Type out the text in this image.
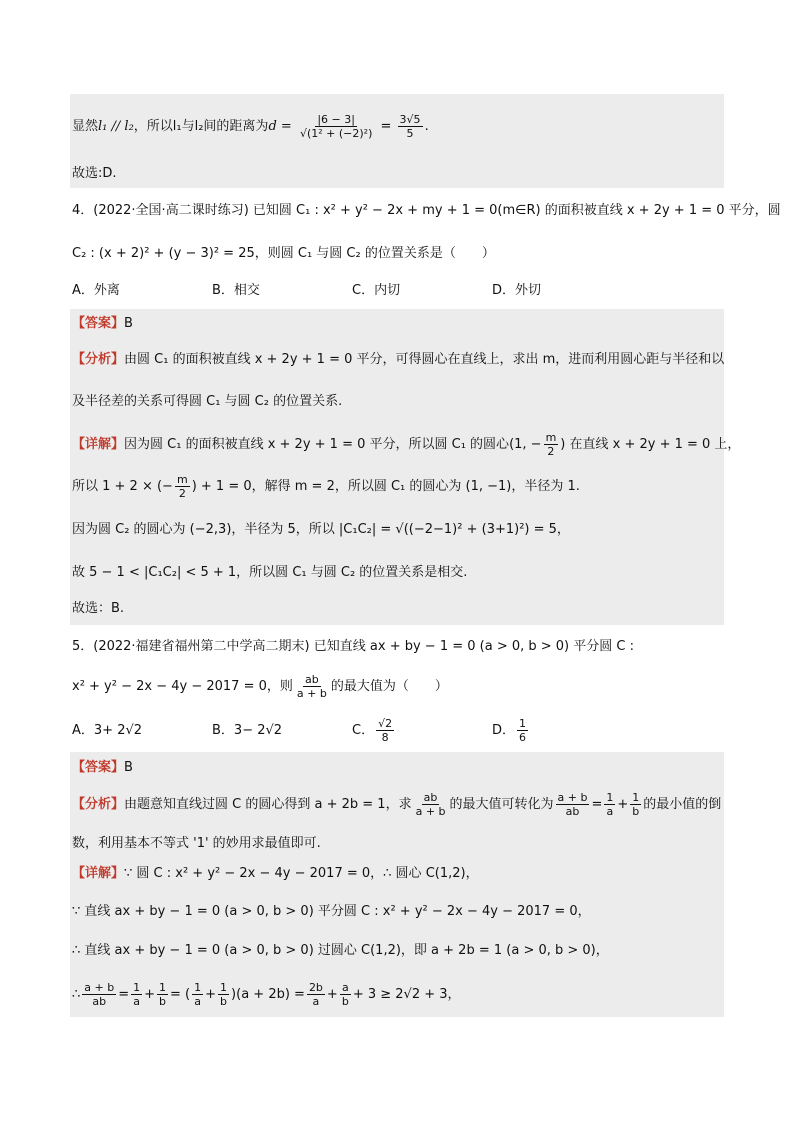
显然l₁ // l₂，所以l₁与l₂间的距离为$d = \frac{|6 - 3|}{\text{√(1² + (−2)²)}} = \frac{3√5}{5}$ .
故选:D.
4．(2022·全国·高二课时练习) 已知圆 C₁ : x² + y² − 2x + my + 1 = 0(m∈R) 的面积被直线 x + 2y + 1 = 0 平分，圆
C₂ : (x + 2)² + (y − 3)² = 25，则圆 C₁ 与圆 C₂ 的位置关系是（　　）
A．外离	B．相交	C．内切	D．外切
【答案】B
【分析】由圆 C₁ 的面积被直线 x + 2y + 1 = 0 平分，可得圆心在直线上，求出 m，进而利用圆心距与半径和以
及半径差的关系可得圆 C₁ 与圆 C₂ 的位置关系.
【详解】因为圆 C₁ 的面积被直线 x + 2y + 1 = 0 平分，所以圆 C₁ 的圆心(1, − $\frac{m}{2}$ ) 在直线 x + 2y + 1 = 0 上，
所以 1 + 2 × (− $\frac{m}{2}$ ) + 1 = 0，解得 m = 2，所以圆 C₁ 的圆心为 (1, −1)，半径为 1.
因为圆 C₂ 的圆心为 (−2,3)，半径为 5，所以 |C₁C₂| = √((−2−1)² + (3+1)²) = 5，
故 5 − 1 < |C₁C₂| < 5 + 1，所以圆 C₁ 与圆 C₂ 的位置关系是相交.
故选：B.
5．(2022·福建省福州第二中学高二期末) 已知直线 ax + by − 1 = 0 (a > 0, b > 0) 平分圆 C :
x² + y² − 2x − 4y − 2017 = 0，则 $\frac{ab}{a + b}$ 的最大值为（　　）
A．3+ 2√2	B．3− 2√2	C． $\frac{√2}{8}$	D． $\frac{1}{6}$
【答案】B
【分析】由题意知直线过圆 C 的圆心得到 a + 2b = 1，求 $\frac{ab}{a + b}$ 的最大值可转化为 $\frac{a + b}{ab} = \frac{1}{a} + \frac{1}{b}$ 的最小值的倒
数，利用基本不等式 '1' 的妙用求最值即可.
【详解】∵ 圆 C : x² + y² − 2x − 4y − 2017 = 0，∴ 圆心 C(1,2)，
∵ 直线 ax + by − 1 = 0 (a > 0, b > 0) 平分圆 C : x² + y² − 2x − 4y − 2017 = 0，
∴ 直线 ax + by − 1 = 0 (a > 0, b > 0) 过圆心 C(1,2)，即 a + 2b = 1 (a > 0, b > 0)，
∴ $\frac{a + b}{ab} = \frac{1}{a} + \frac{1}{b}$ = ( $\frac{1}{a} + \frac{1}{b} )(a + 2b) = \frac{2b}{a} + \frac{a}{b} + 3 \ge 2√2 + 3$，
